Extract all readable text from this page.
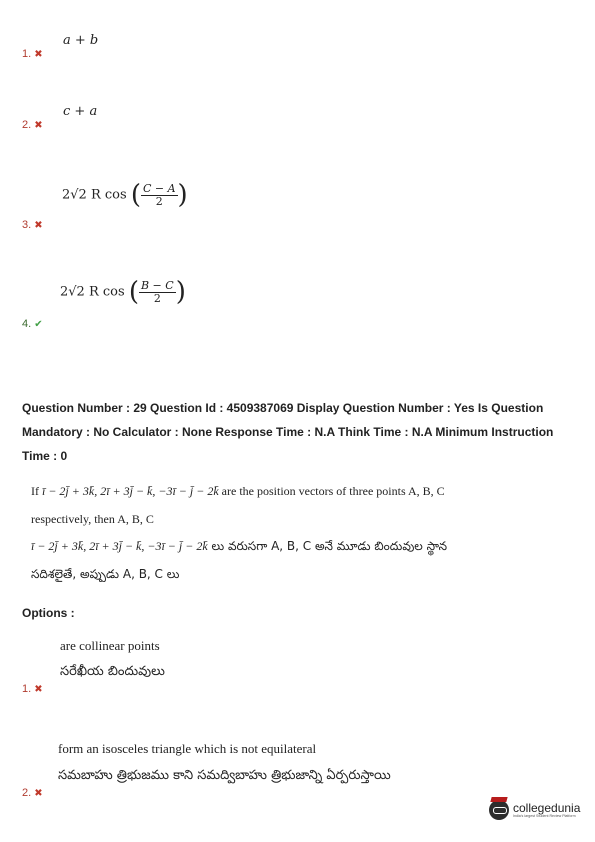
a + b
1. ✖
c + a
2. ✖
2√2 R cos ( $\frac{C - A}{2}$ )
3. ✖
2√2 R cos ( $\frac{B - C}{2}$ )
4. ✔
Question Number : 29 Question Id : 4509387069 Display Question Number : Yes Is Question
Mandatory : No Calculator : None Response Time : N.A Think Time : N.A Minimum Instruction
Time : 0
If ī − 2j̄ + 3k̄, 2ī + 3j̄ − k̄, −3ī − j̄ − 2k̄ are the position vectors of three points A, B, C
respectively, then A, B, C
ī − 2j̄ + 3k̄, 2ī + 3j̄ − k̄, −3ī − j̄ − 2k̄ లు వరుసగా A, B, C అనే మూడు బిందువుల స్థాన
సదిశలైతే, అప్పుడు A, B, C లు
Options :
are collinear points
సరేఖీయ బిందువులు
1. ✖
form an isosceles triangle which is not equilateral
సమబాహు త్రిభుజము కాని సమద్విబాహు త్రిభుజాన్ని ఏర్పరుస్తాయి
2. ✖
collegedunia
India's largest Student Review Platform
